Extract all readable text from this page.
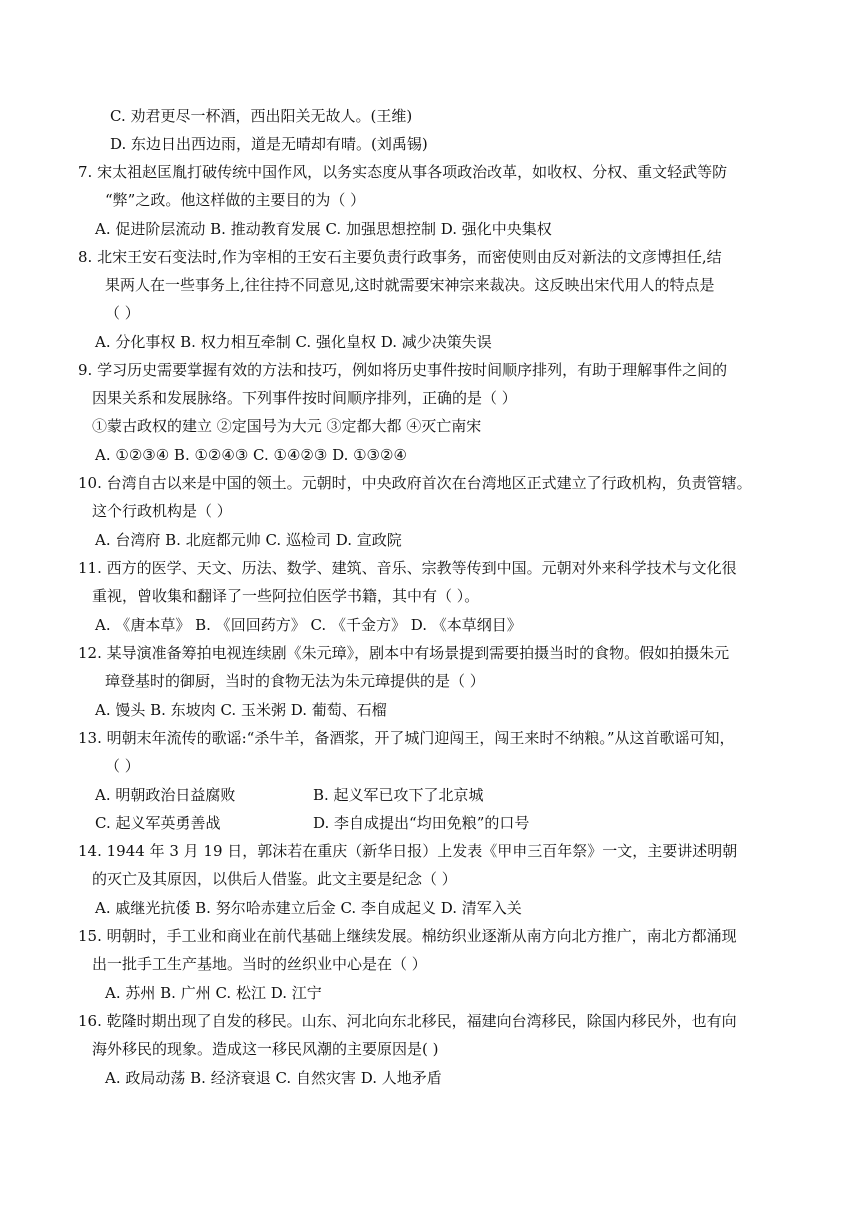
C. 劝君更尽一杯酒，西出阳关无故人。(王维)
D. 东边日出西边雨，道是无晴却有晴。(刘禹锡)
7. 宋太祖赵匡胤打破传统中国作风，以务实态度从事各项政治改革，如收权、分权、重文轻武等防
“弊”之政。他这样做的主要目的为（ ）
A. 促进阶层流动 B. 推动教育发展 C. 加强思想控制 D. 强化中央集权
8. 北宋王安石变法时,作为宰相的王安石主要负责行政事务，而密使则由反对新法的文彦博担任,结
果两人在一些事务上,往往持不同意见,这时就需要宋神宗来裁决。这反映出宋代用人的特点是
（ ）
A. 分化事权 B. 权力相互牵制 C. 强化皇权 D. 减少决策失误
9. 学习历史需要掌握有效的方法和技巧，例如将历史事件按时间顺序排列，有助于理解事件之间的
因果关系和发展脉络。下列事件按时间顺序排列，正确的是（ ）
①蒙古政权的建立 ②定国号为大元 ③定都大都 ④灭亡南宋
A. ①②③④ B. ①②④③ C. ①④②③ D. ①③②④
10. 台湾自古以来是中国的领土。元朝时，中央政府首次在台湾地区正式建立了行政机构，负责管辖。
这个行政机构是（ ）
A. 台湾府 B. 北庭都元帅 C. 巡检司 D. 宣政院
11. 西方的医学、天文、历法、数学、建筑、音乐、宗教等传到中国。元朝对外来科学技术与文化很
重视，曾收集和翻译了一些阿拉伯医学书籍，其中有（ ）。
A. 《唐本草》 B. 《回回药方》 C. 《千金方》 D. 《本草纲目》
12. 某导演准备筹拍电视连续剧《朱元璋》，剧本中有场景提到需要拍摄当时的食物。假如拍摄朱元
璋登基时的御厨，当时的食物无法为朱元璋提供的是（ ）
A. 馒头 B. 东坡肉 C. 玉米粥 D. 葡萄、石榴
13. 明朝末年流传的歌谣:“杀牛羊，备酒浆，开了城门迎闯王，闯王来时不纳粮。”从这首歌谣可知，
（ ）
A. 明朝政治日益腐败	B. 起义军已攻下了北京城
C. 起义军英勇善战	D. 李自成提出“均田免粮”的口号
14. 1944 年 3 月 19 日，郭沫若在重庆（新华日报）上发表《甲申三百年祭》一文，主要讲述明朝
的灭亡及其原因，以供后人借鉴。此文主要是纪念（ ）
A. 戚继光抗倭 B. 努尔哈赤建立后金 C. 李自成起义 D. 清军入关
15. 明朝时，手工业和商业在前代基础上继续发展。棉纺织业逐渐从南方向北方推广，南北方都涌现
出一批手工生产基地。当时的丝织业中心是在（ ）
A. 苏州 B. 广州 C. 松江 D. 江宁
16. 乾隆时期出现了自发的移民。山东、河北向东北移民，福建向台湾移民，除国内移民外，也有向
海外移民的现象。造成这一移民风潮的主要原因是( )
A. 政局动荡 B. 经济衰退 C. 自然灾害 D. 人地矛盾
